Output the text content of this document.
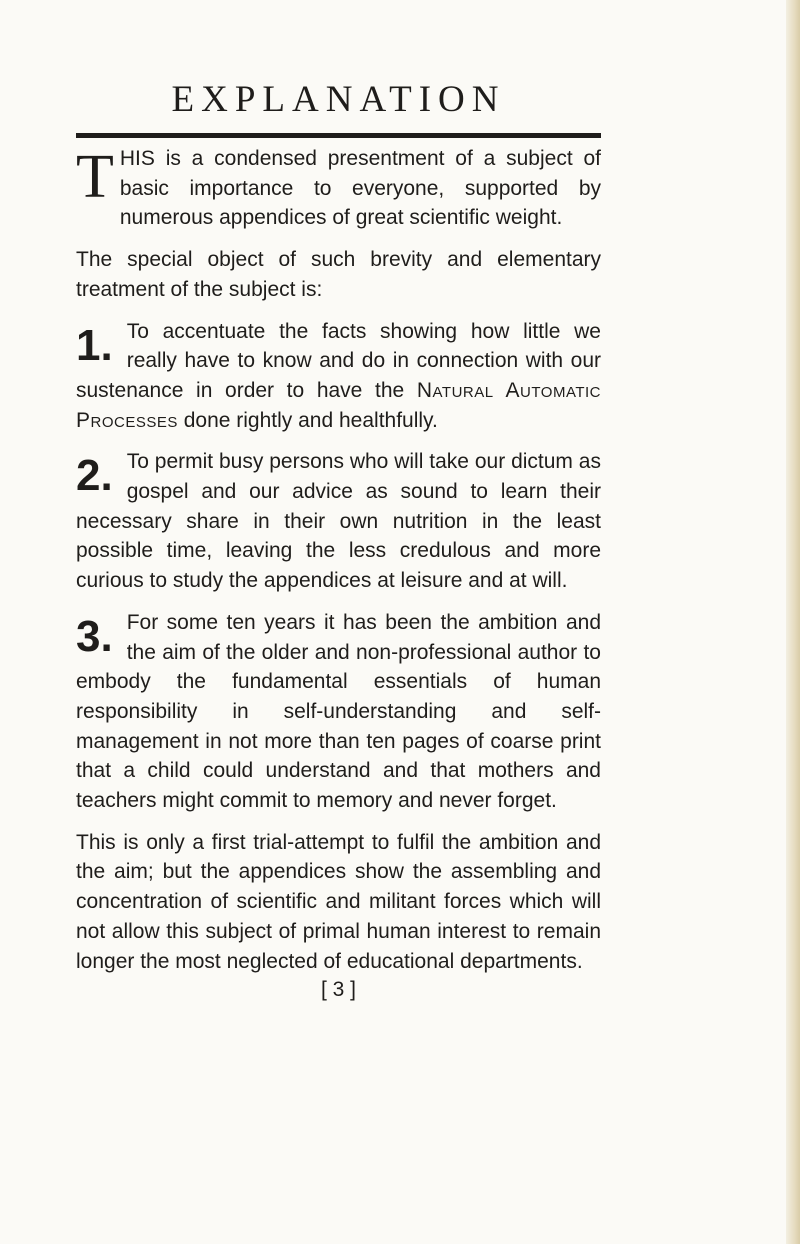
EXPLANATION

THIS is a condensed presentment of a subject of basic importance to everyone, supported by numerous appendices of great scientific weight.

The special object of such brevity and elementary treatment of the subject is:

1. To accentuate the facts showing how little we really have to know and do in connection with our sustenance in order to have the Natural Automatic Processes done rightly and healthfully.

2. To permit busy persons who will take our dictum as gospel and our advice as sound to learn their necessary share in their own nutrition in the least possible time, leaving the less credulous and more curious to study the appendices at leisure and at will.

3. For some ten years it has been the ambition and the aim of the older and non-professional author to embody the fundamental essentials of human responsibility in self-understanding and self-management in not more than ten pages of coarse print that a child could understand and that mothers and teachers might commit to memory and never forget.

This is only a first trial-attempt to fulfil the ambition and the aim; but the appendices show the assembling and concentration of scientific and militant forces which will not allow this subject of primal human interest to remain longer the most neglected of educational departments.

[ 3 ]
